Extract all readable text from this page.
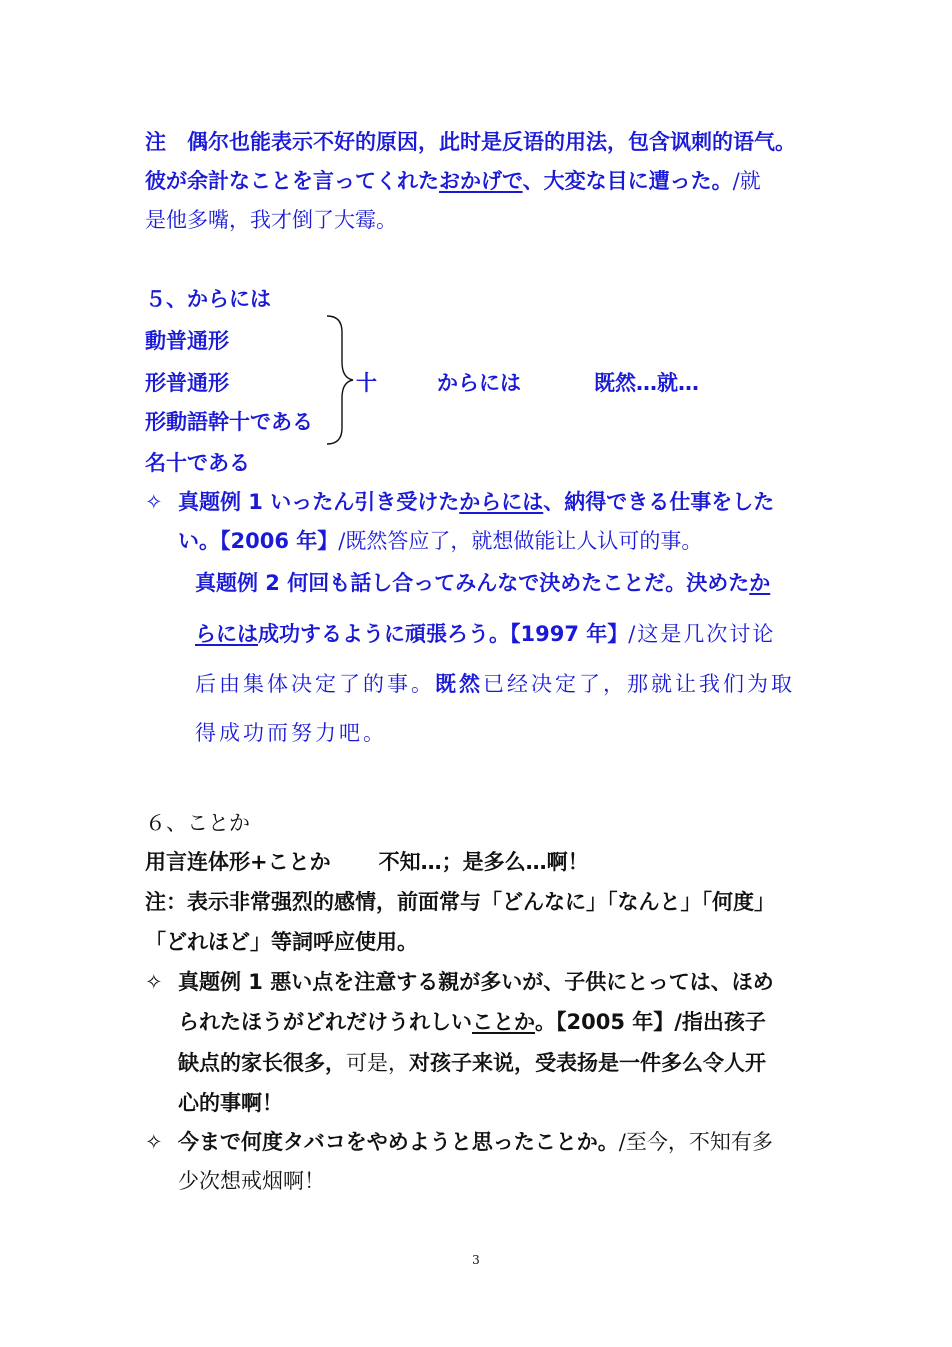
注　偶尔也能表示不好的原因，此时是反语的用法，包含讽刺的语气。
彼が余計なことを言ってくれたおかげで、大変な目に遭った。/就
是他多嘴，我才倒了大霉。
５、からには
動普通形
形普通形
形動語幹十である
名十である
十	からには	既然…就…
✧ 真题例 1 いったん引き受けたからには、納得できる仕事をした
い。【2006 年】/既然答应了，就想做能让人认可的事。
真题例 2 何回も話し合ってみんなで決めたことだ。決めたか
らには成功するように頑張ろう。【1997 年】/这是几次讨论
后由集体决定了的事。既然已经决定了，那就让我们为取
得成功而努力吧。
６、ことか
用言连体形+ことか 不知…；是多么…啊！
注：表示非常强烈的感情，前面常与「どんなに」「なんと」「何度」
「どれほど」等詞呼应使用。
✧ 真题例 1 悪い点を注意する親が多いが、子供にとっては、ほめ
られたほうがどれだけうれしいことか。【2005 年】/指出孩子
缺点的家长很多，可是，对孩子来说，受表扬是一件多么令人开
心的事啊！
✧ 今まで何度タバコをやめようと思ったことか。/至今，不知有多
少次想戒烟啊！
3
